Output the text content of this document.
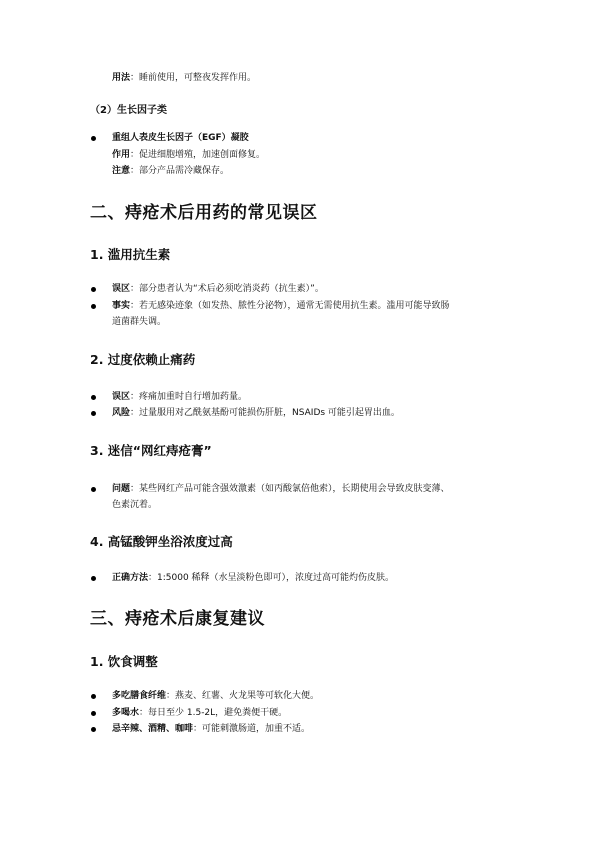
用法：睡前使用，可整夜发挥作用。
（2）生长因子类
重组人表皮生长因子（EGF）凝胶
作用：促进细胞增殖，加速创面修复。
注意：部分产品需冷藏保存。
二、痔疮术后用药的常见误区
1. 滥用抗生素
误区：部分患者认为“术后必须吃消炎药（抗生素）”。
事实：若无感染迹象（如发热、脓性分泌物），通常无需使用抗生素。滥用可能导致肠
道菌群失调。
2. 过度依赖止痛药
误区：疼痛加重时自行增加药量。
风险：过量服用对乙酰氨基酚可能损伤肝脏，NSAIDs 可能引起胃出血。
3. 迷信“网红痔疮膏”
问题：某些网红产品可能含强效激素（如丙酸氯倍他索），长期使用会导致皮肤变薄、
色素沉着。
4. 高锰酸钾坐浴浓度过高
正确方法：1:5000 稀释（水呈淡粉色即可），浓度过高可能灼伤皮肤。
三、痔疮术后康复建议
1. 饮食调整
多吃膳食纤维：燕麦、红薯、火龙果等可软化大便。
多喝水：每日至少 1.5-2L，避免粪便干硬。
忌辛辣、酒精、咖啡：可能刺激肠道，加重不适。
